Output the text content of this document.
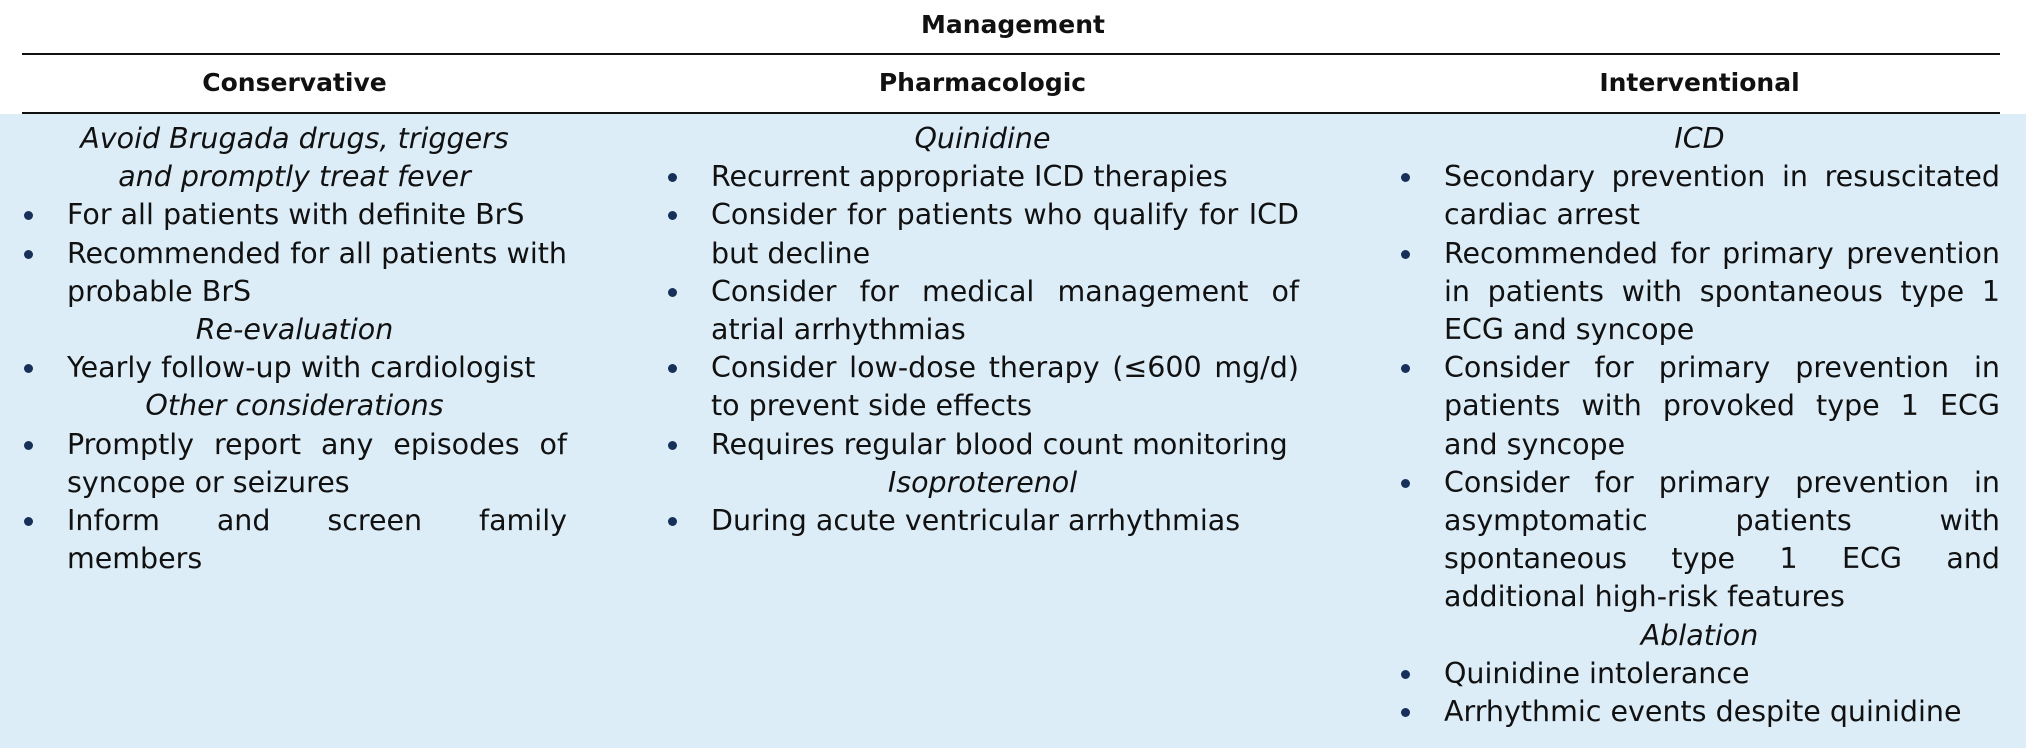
Management
Conservative	Pharmacologic	Interventional
Avoid Brugada drugs, triggers and promptly treat fever
For all patients with definite BrS
Recommended for all patients with probable BrS
Re-evaluation
Yearly follow-up with cardiologist
Other considerations
Promptly report any episodes of syncope or seizures
Inform and screen family members
Quinidine
Recurrent appropriate ICD therapies
Consider for patients who qualify for ICD but decline
Consider for medical management of atrial arrhythmias
Consider low-dose therapy (≤600 mg/d) to prevent side effects
Requires regular blood count monitoring
Isoproterenol
During acute ventricular arrhythmias
ICD
Secondary prevention in resuscitated cardiac arrest
Recommended for primary prevention in patients with spontaneous type 1 ECG and syncope
Consider for primary prevention in patients with provoked type 1 ECG and syncope
Consider for primary prevention in asymptomatic patients with spontaneous type 1 ECG and additional high-risk features
Ablation
Quinidine intolerance
Arrhythmic events despite quinidine
